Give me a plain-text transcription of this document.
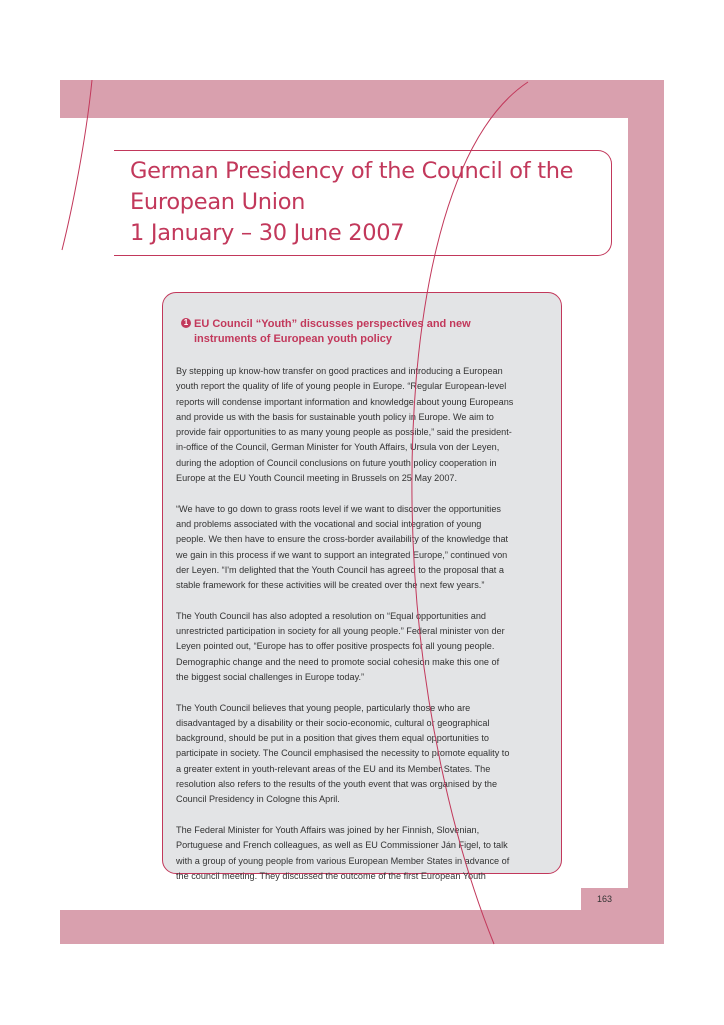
German Presidency of the Council of the
European Union
1 January – 30 June 2007
1 EU Council “Youth” discusses perspectives and new
instruments of European youth policy

By stepping up know-how transfer on good practices and introducing a European
youth report the quality of life of young people in Europe. “Regular European-level
reports will condense important information and knowledge about young Europeans
and provide us with the basis for sustainable youth policy in Europe. We aim to
provide fair opportunities to as many young people as possible,” said the president-
in-office of the Council, German Minister for Youth Affairs, Ursula von der Leyen,
during the adoption of Council conclusions on future youth policy cooperation in
Europe at the EU Youth Council meeting in Brussels on 25 May 2007.

“We have to go down to grass roots level if we want to discover the opportunities
and problems associated with the vocational and social integration of young
people. We then have to ensure the cross-border availability of the knowledge that
we gain in this process if we want to support an integrated Europe,” continued von
der Leyen. “I'm delighted that the Youth Council has agreed to the proposal that a
stable framework for these activities will be created over the next few years.”

The Youth Council has also adopted a resolution on “Equal opportunities and
unrestricted participation in society for all young people.” Federal minister von der
Leyen pointed out, “Europe has to offer positive prospects for all young people.
Demographic change and the need to promote social cohesion make this one of
the biggest social challenges in Europe today.”

The Youth Council believes that young people, particularly those who are
disadvantaged by a disability or their socio-economic, cultural or geographical
background, should be put in a position that gives them equal opportunities to
participate in society. The Council emphasised the necessity to promote equality to
a greater extent in youth-relevant areas of the EU and its Member States. The
resolution also refers to the results of the youth event that was organised by the
Council Presidency in Cologne this April.

The Federal Minister for Youth Affairs was joined by her Finnish, Slovenian,
Portuguese and French colleagues, as well as EU Commissioner Ján Figel, to talk
with a group of young people from various European Member States in advance of
the council meeting. They discussed the outcome of the first European Youth

163
